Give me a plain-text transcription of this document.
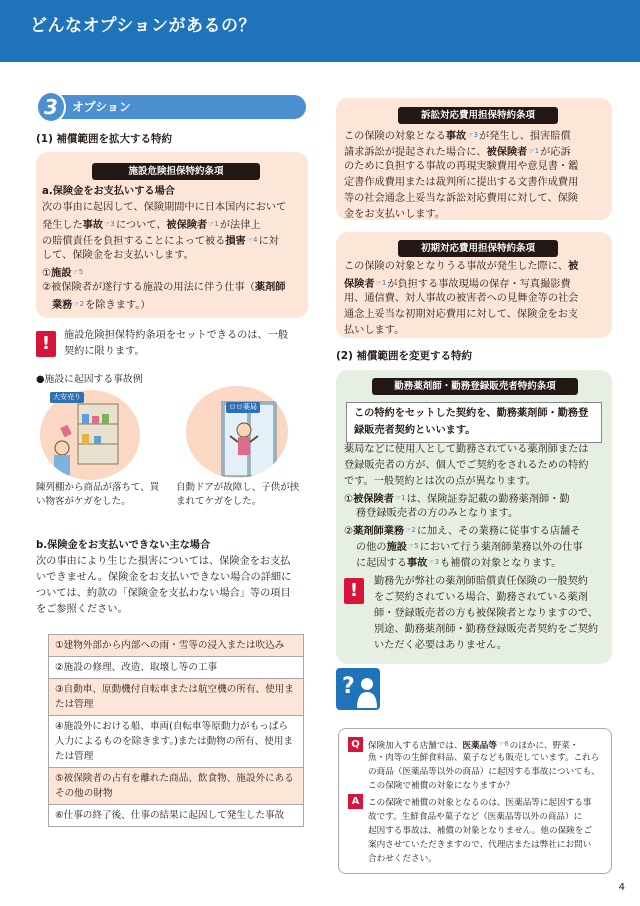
どんなオプションがあるの？
3	オプション
(1) 補償範囲を拡大する特約
施設危険担保特約条項
a.保険金をお支払いする場合
次の事由に起因して、保険期間中に日本国内において
発生した事故☞3について、被保険者☞1が法律上
の賠償責任を負担することによって被る損害☞4に対
して、保険金をお支払いします。
①施設☞5
②被保険者が遂行する施設の用法に伴う仕事（薬剤師
業務☞2を除きます。）
!	施設危険担保特約条項をセットできるのは、一般
契約に限ります。
●施設に起因する事故例
大安売り
陳列棚から商品が落ちて、買
い物客がケガをした。
ロロ薬局
自動ドアが故障し、子供が挟
まれてケガをした。
b.保険金をお支払いできない主な場合
次の事由により生じた損害については、保険金をお支払
いできません。保険金をお支払いできない場合の詳細に
ついては、約款の「保険金を支払わない場合」等の項目
をご参照ください。
①建物外部から内部への雨・雪等の浸入または吹込み
②施設の修理、改造、取壊し等の工事
③自動車、原動機付自転車または航空機の所有、使用または管理
④施設外における船、車両(自転車等原動力がもっぱら人力によるものを除きます。)または動物の所有、使用または管理
⑤被保険者の占有を離れた商品、飲食物、施設外にあるその他の財物
⑥仕事の終了後、仕事の結果に起因して発生した事故
訴訟対応費用担保特約条項
この保険の対象となる事故☞3が発生し、損害賠償
請求訴訟が提起された場合に、被保険者☞1が応訴
のために負担する事故の再現実験費用や意見書・鑑
定書作成費用または裁判所に提出する文書作成費用
等の社会通念上妥当な訴訟対応費用に対して、保険
金をお支払いします。
初期対応費用担保特約条項
この保険の対象となりうる事故が発生した際に、被
保険者☞1が負担する事故現場の保存・写真撮影費
用、通信費、対人事故の被害者への見舞金等の社会
通念上妥当な初期対応費用に対して、保険金をお支
払いします。
(2) 補償範囲を変更する特約
勤務薬剤師・勤務登録販売者特約条項
この特約をセットした契約を、勤務薬剤師・勤務登
録販売者契約といいます。
薬局などに使用人として勤務されている薬剤師または
登録販売者の方が、個人でご契約をされるための特約
です。一般契約とは次の点が異なります。
①被保険者☞1は、保険証券記載の勤務薬剤師・勤
務登録販売者の方のみとなります。
②薬剤師業務☞2に加え、その業務に従事する店舗そ
の他の施設☞5において行う薬剤師業務以外の仕事
に起因する事故☞3も補償の対象となります。
!	勤務先が弊社の薬剤師賠償責任保険の一般契約
をご契約されている場合、勤務されている薬剤
師・登録販売者の方も被保険者となりますので、
別途、勤務薬剤師・勤務登録販売者契約をご契約
いただく必要はありません。
?
Q 保険加入する店舗では、医薬品等☞6のほかに、野菜・
魚・肉等の生鮮食料品、菓子なども販売しています。これら
の商品（医薬品等以外の商品）に起因する事故についても、
この保険で補償の対象になりますか？
A	この保険で補償の対象となるのは、医薬品等に起因する事
故です。生鮮食品や菓子など（医薬品等以外の商品）に
起因する事故は、補償の対象となりません。他の保険をご
案内させていただきますので、代理店または弊社にお問い
合わせください。
4
